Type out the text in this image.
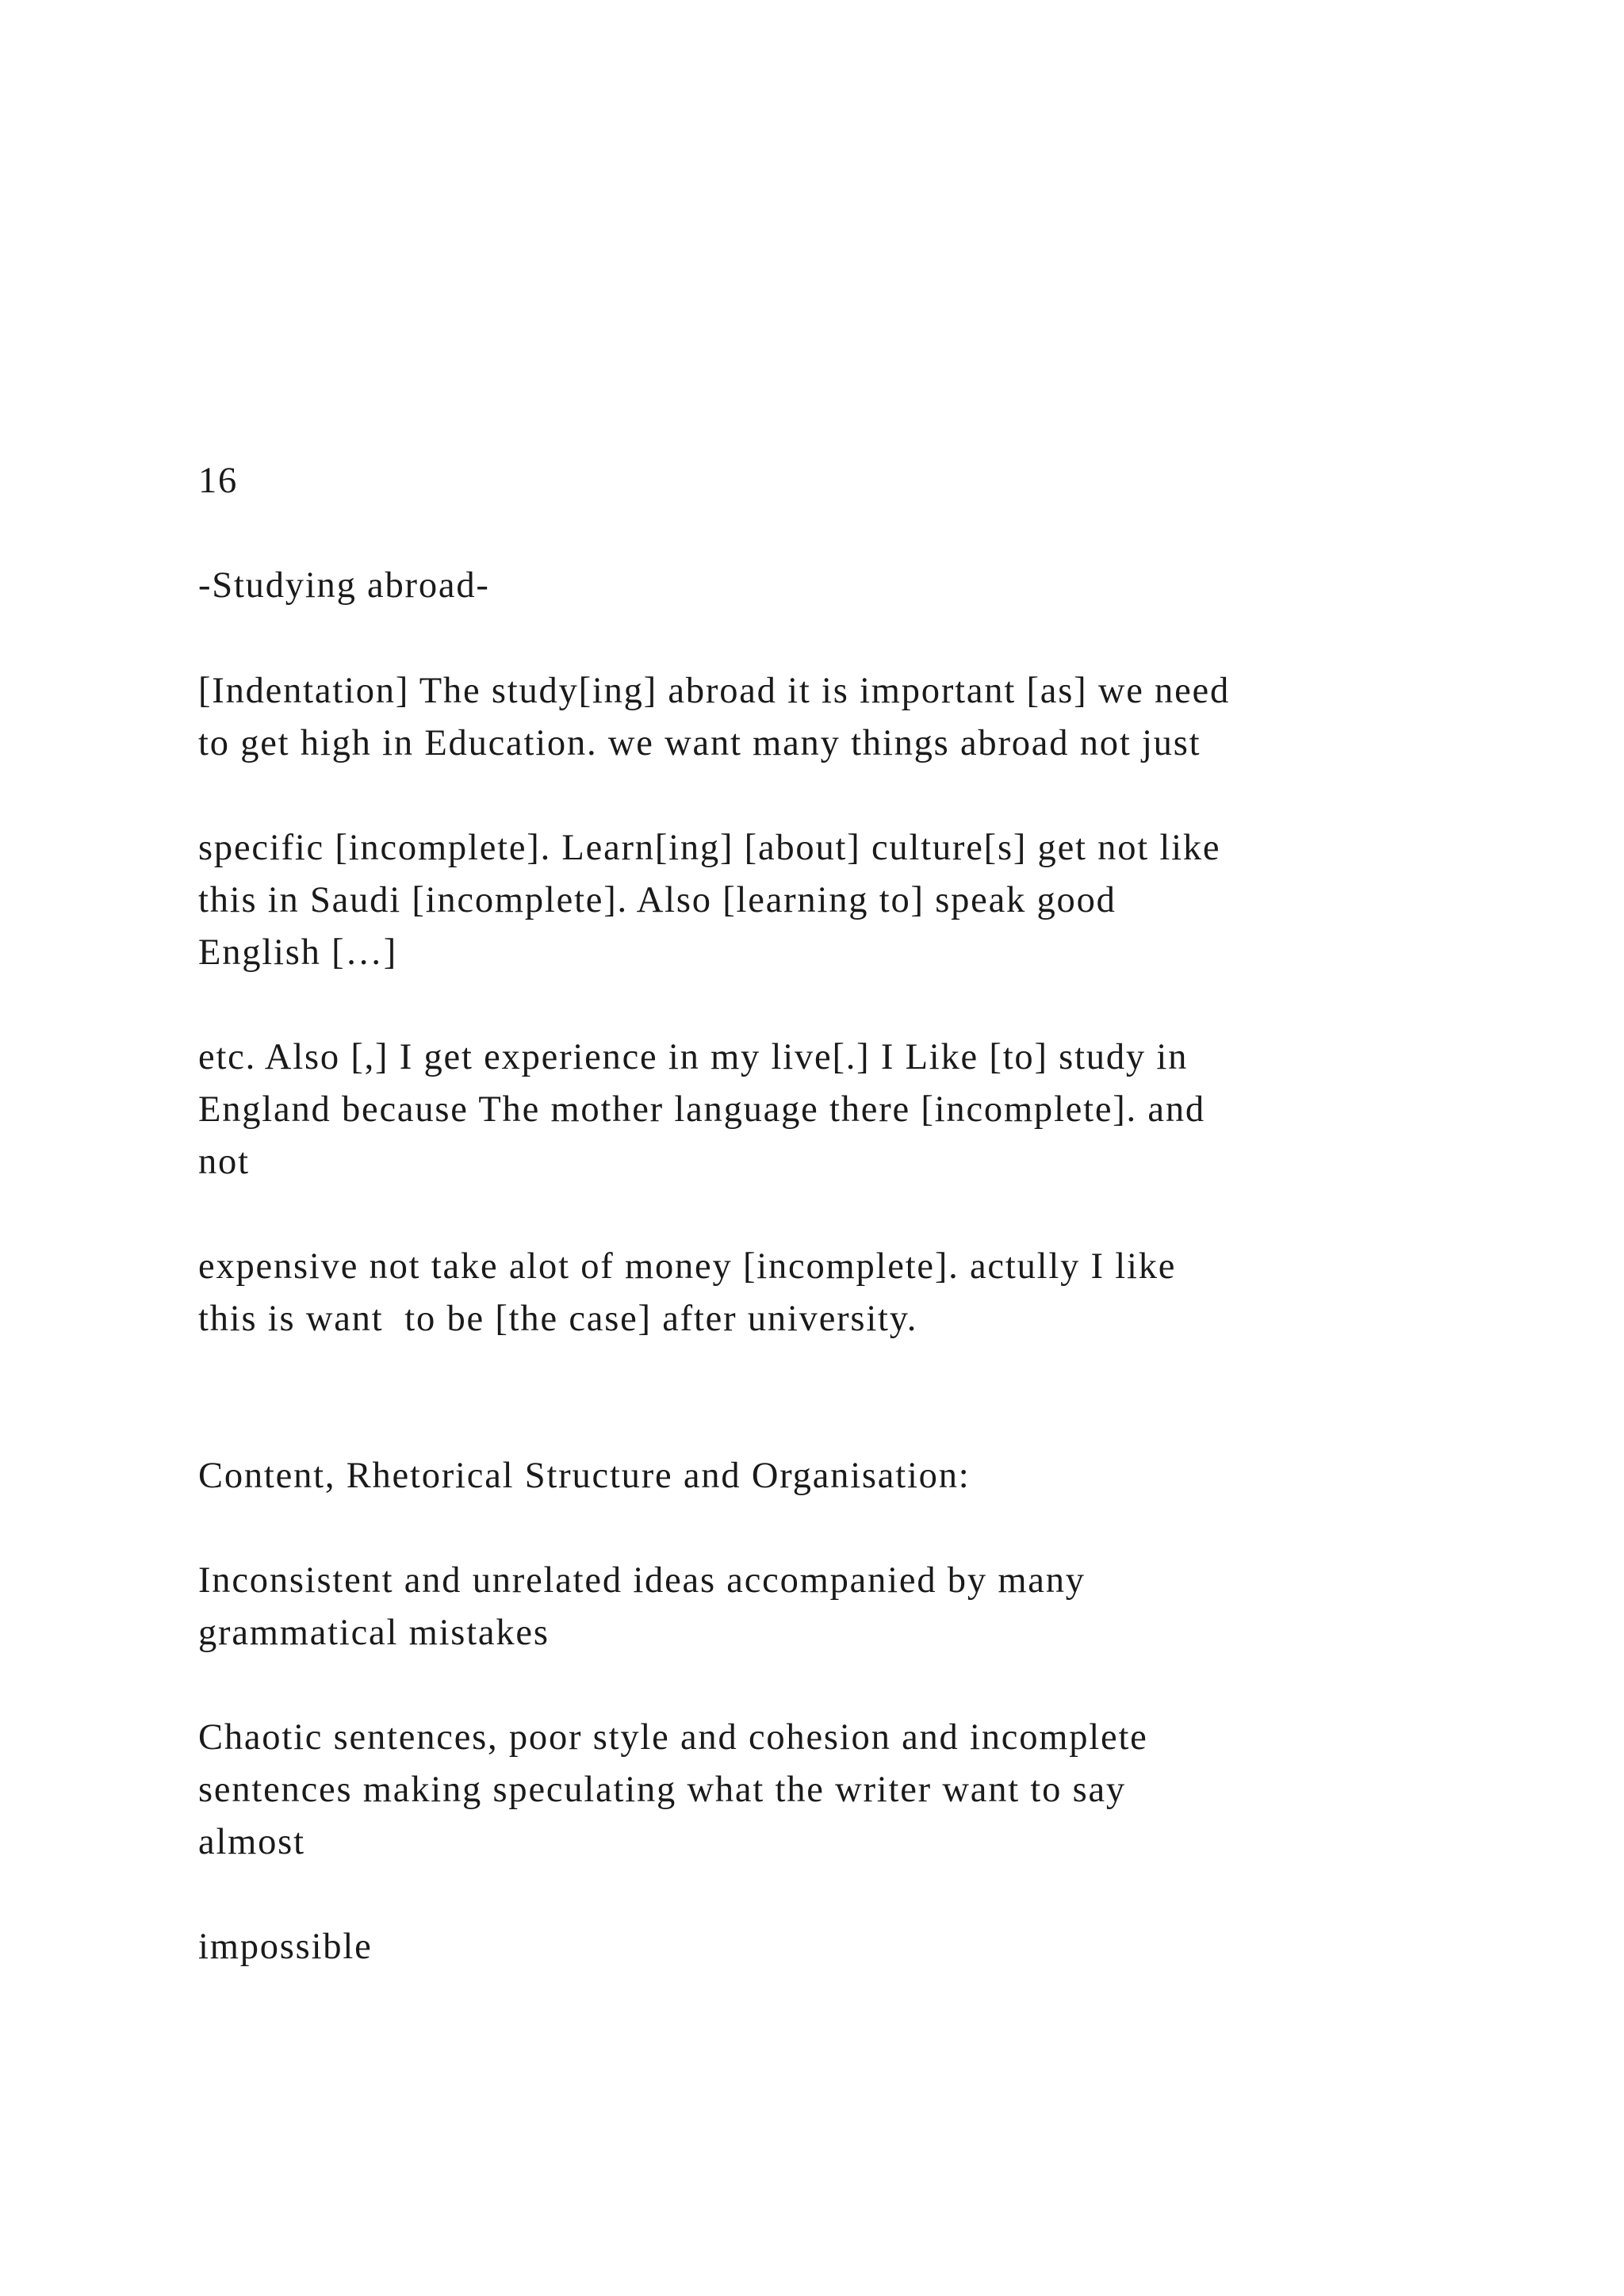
16

-Studying abroad-

[Indentation] The study[ing] abroad it is important [as] we need

to get high in Education. we want many things abroad not just

specific [incomplete]. Learn[ing] [about] culture[s] get not like

this in Saudi [incomplete]. Also [learning to] speak good

English […]

etc. Also [,] I get experience in my live[.] I Like [to] study in

England because The mother language there [incomplete]. and

not

expensive not take alot of money [incomplete]. actully I like

this is want  to be [the case] after university.

Content, Rhetorical Structure and Organisation:

Inconsistent and unrelated ideas accompanied by many

grammatical mistakes

Chaotic sentences, poor style and cohesion and incomplete

sentences making speculating what the writer want to say

almost

impossible
